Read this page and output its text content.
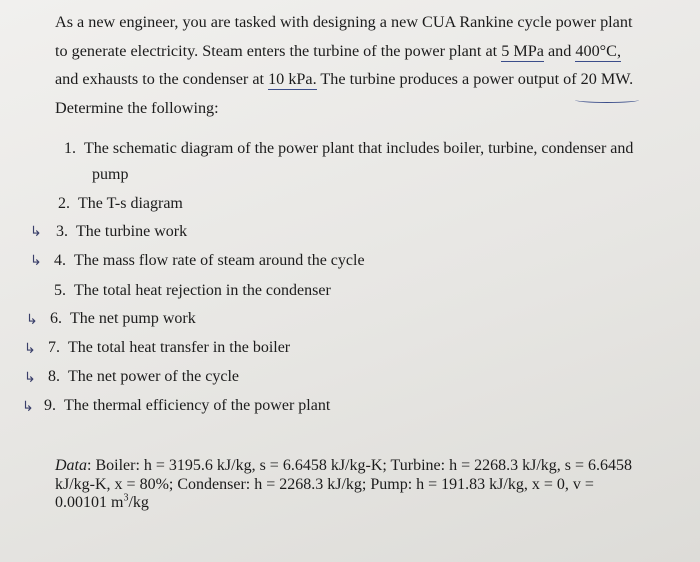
As a new engineer, you are tasked with designing a new CUA Rankine cycle power plant
to generate electricity. Steam enters the turbine of the power plant at 5 MPa and 400°C,
and exhausts to the condenser at 10 kPa. The turbine produces a power output of 20 MW.
Determine the following:
1. The schematic diagram of the power plant that includes boiler, turbine, condenser and
pump
2. The T-s diagram
↳ 3. The turbine work
↳ 4. The mass flow rate of steam around the cycle
5. The total heat rejection in the condenser
↳ 6. The net pump work
↳ 7. The total heat transfer in the boiler
↳ 8. The net power of the cycle
↳ 9. The thermal efficiency of the power plant
Data: Boiler: h = 3195.6 kJ/kg, s = 6.6458 kJ/kg-K; Turbine: h = 2268.3 kJ/kg, s = 6.6458
kJ/kg-K, x = 80%; Condenser: h = 2268.3 kJ/kg; Pump: h = 191.83 kJ/kg, x = 0, v =
0.00101 $m^3/kg$
